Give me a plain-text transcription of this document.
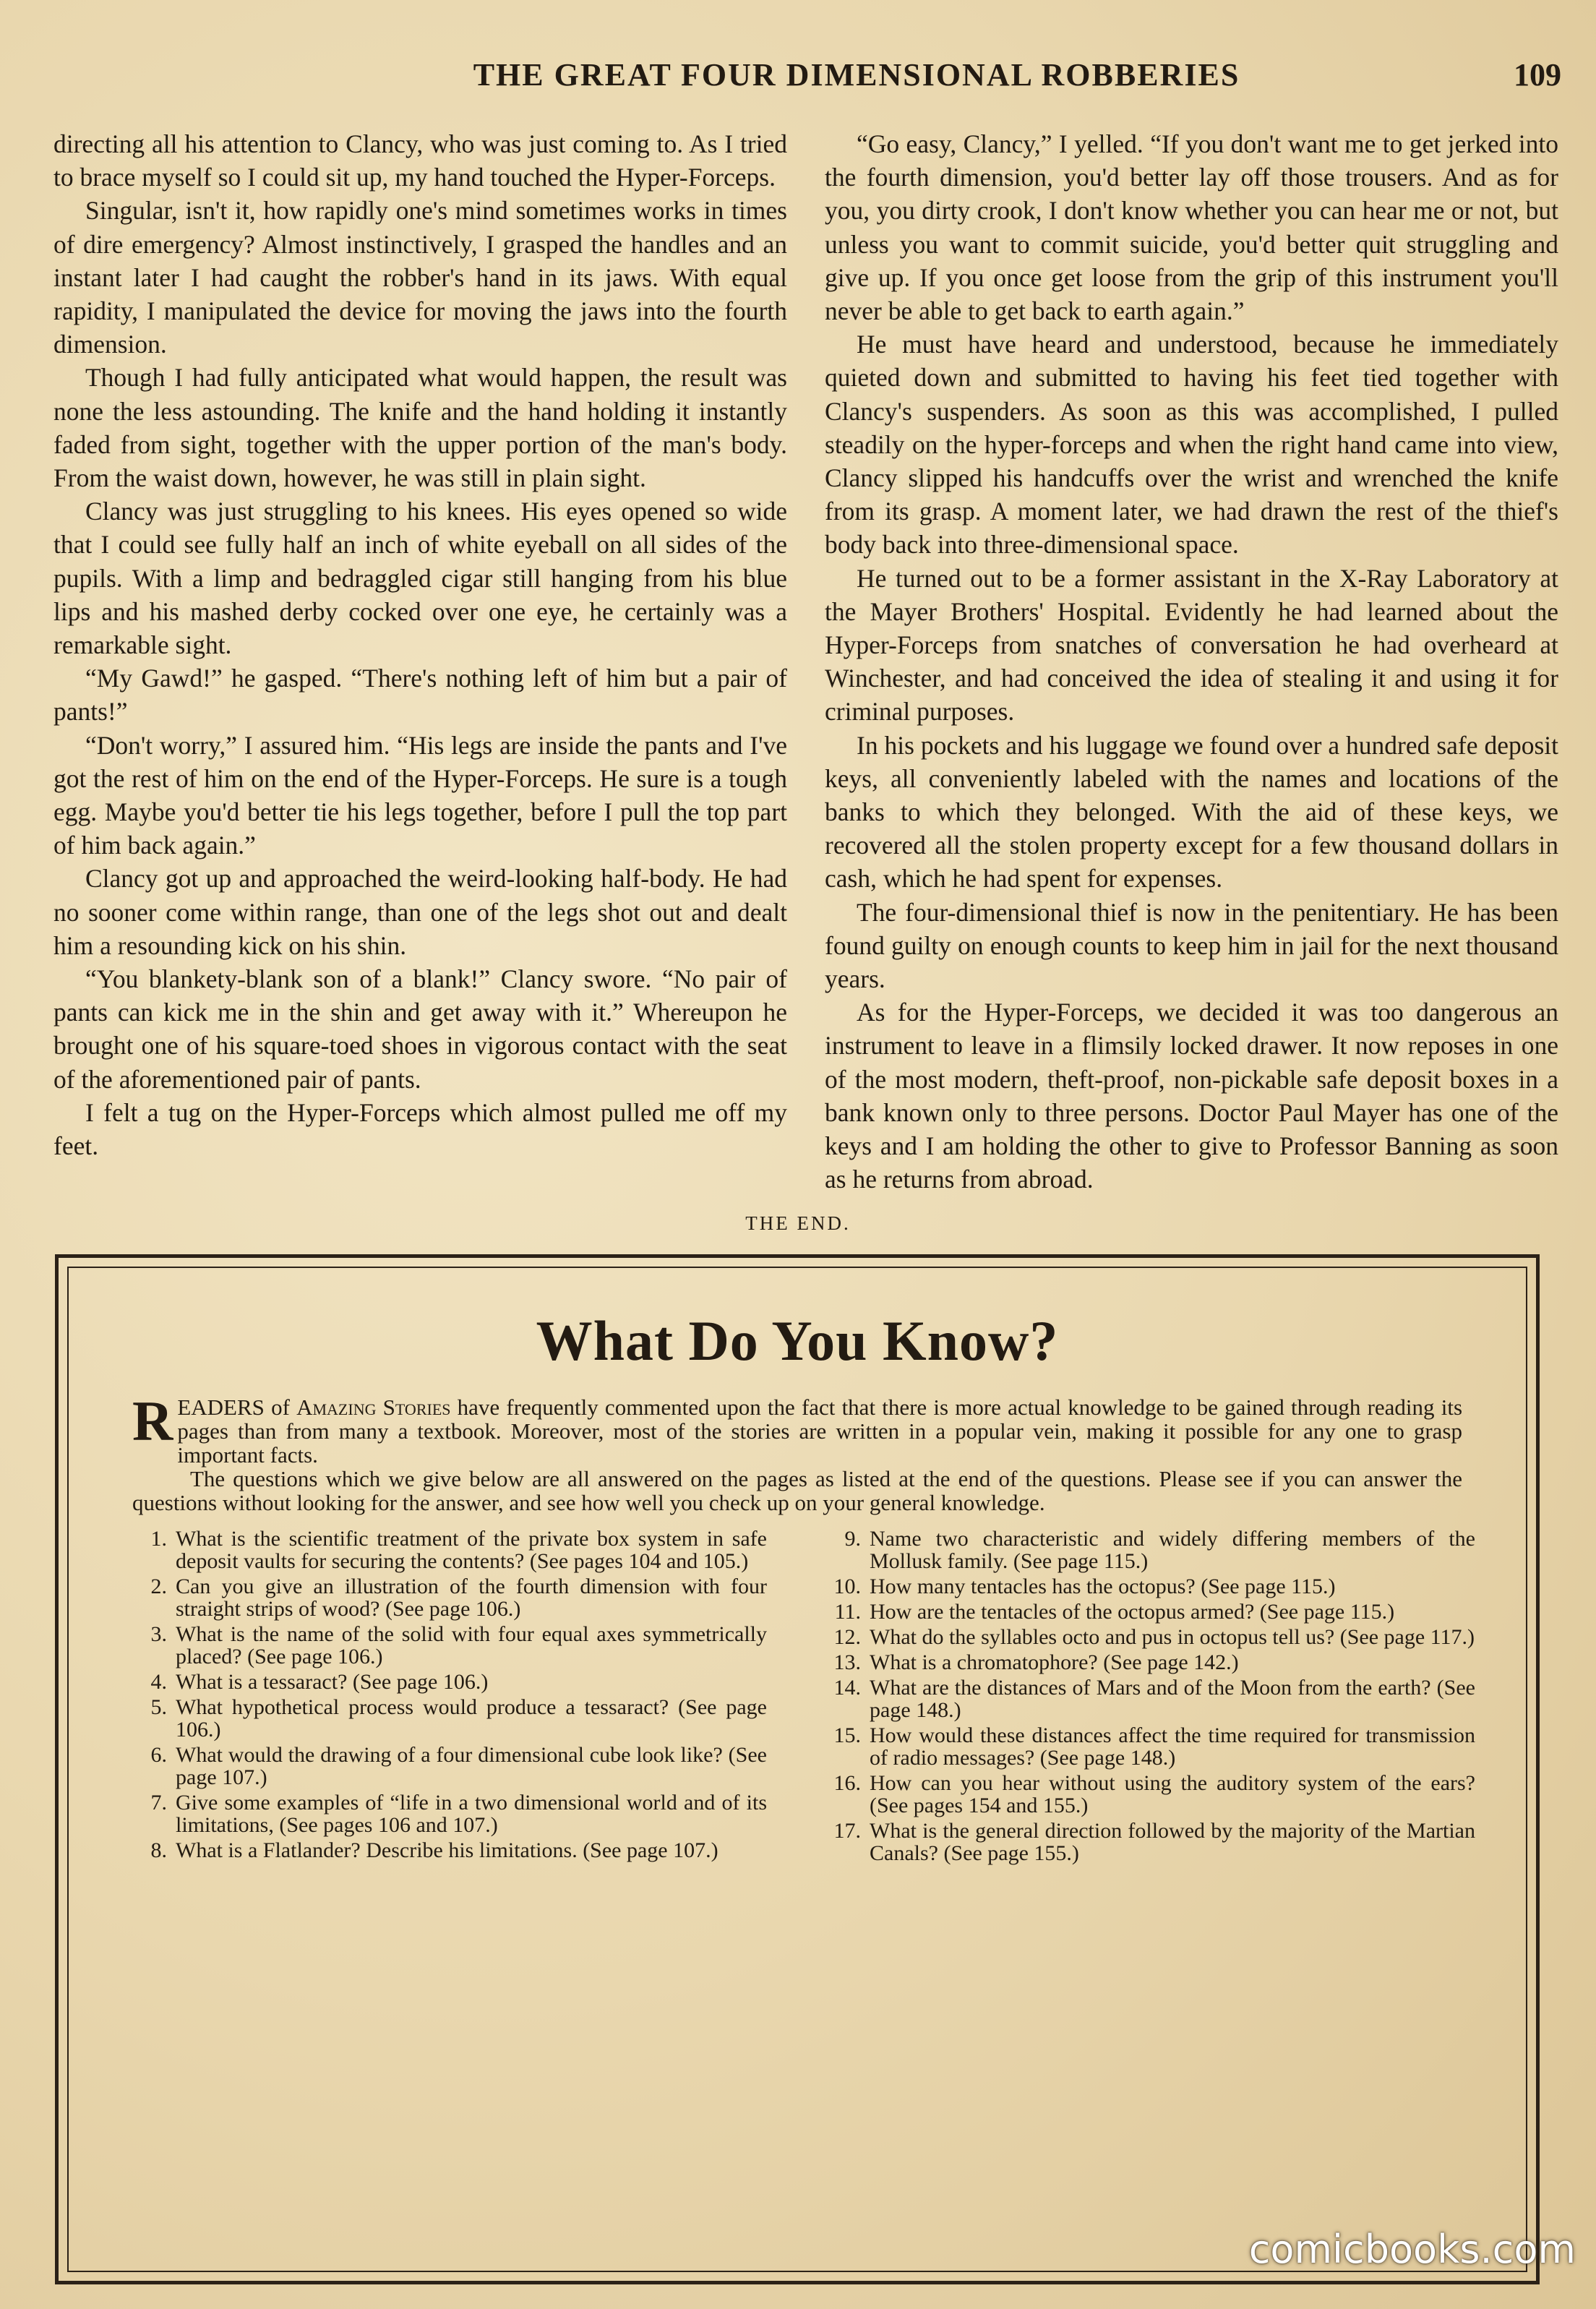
THE GREAT FOUR DIMENSIONAL ROBBERIES	109

directing all his attention to Clancy, who was just coming to. As I tried to brace myself so I could sit up, my hand touched the Hyper-Forceps.

Singular, isn't it, how rapidly one's mind sometimes works in times of dire emergency? Almost instinctively, I grasped the handles and an instant later I had caught the robber's hand in its jaws. With equal rapidity, I manipulated the device for moving the jaws into the fourth dimension.

Though I had fully anticipated what would happen, the result was none the less astounding. The knife and the hand holding it instantly faded from sight, together with the upper portion of the man's body. From the waist down, however, he was still in plain sight.

Clancy was just struggling to his knees. His eyes opened so wide that I could see fully half an inch of white eyeball on all sides of the pupils. With a limp and bedraggled cigar still hanging from his blue lips and his mashed derby cocked over one eye, he certainly was a remarkable sight.

“My Gawd!” he gasped. “There's nothing left of him but a pair of pants!”

“Don't worry,” I assured him. “His legs are inside the pants and I've got the rest of him on the end of the Hyper-Forceps. He sure is a tough egg. Maybe you'd better tie his legs together, before I pull the top part of him back again.”

Clancy got up and approached the weird-looking half-body. He had no sooner come within range, than one of the legs shot out and dealt him a resounding kick on his shin.

“You blankety-blank son of a blank!” Clancy swore. “No pair of pants can kick me in the shin and get away with it.” Whereupon he brought one of his square-toed shoes in vigorous contact with the seat of the aforementioned pair of pants.

I felt a tug on the Hyper-Forceps which almost pulled me off my feet.

“Go easy, Clancy,” I yelled. “If you don't want me to get jerked into the fourth dimension, you'd better lay off those trousers. And as for you, you dirty crook, I don't know whether you can hear me or not, but unless you want to commit suicide, you'd better quit struggling and give up. If you once get loose from the grip of this instrument you'll never be able to get back to earth again.”

He must have heard and understood, because he immediately quieted down and submitted to having his feet tied together with Clancy's suspenders. As soon as this was accomplished, I pulled steadily on the hyper-forceps and when the right hand came into view, Clancy slipped his handcuffs over the wrist and wrenched the knife from its grasp. A moment later, we had drawn the rest of the thief's body back into three-dimensional space.

He turned out to be a former assistant in the X-Ray Laboratory at the Mayer Brothers' Hospital. Evidently he had learned about the Hyper-Forceps from snatches of conversation he had overheard at Winchester, and had conceived the idea of stealing it and using it for criminal purposes.

In his pockets and his luggage we found over a hundred safe deposit keys, all conveniently labeled with the names and locations of the banks to which they belonged. With the aid of these keys, we recovered all the stolen property except for a few thousand dollars in cash, which he had spent for expenses.

The four-dimensional thief is now in the penitentiary. He has been found guilty on enough counts to keep him in jail for the next thousand years.

As for the Hyper-Forceps, we decided it was too dangerous an instrument to leave in a flimsily locked drawer. It now reposes in one of the most modern, theft-proof, non-pickable safe deposit boxes in a bank known only to three persons. Doctor Paul Mayer has one of the keys and I am holding the other to give to Professor Banning as soon as he returns from abroad.

THE END.
What Do You Know?

READERS of Amazing Stories have frequently commented upon the fact that there is more actual knowledge to be gained through reading its pages than from many a textbook. Moreover, most of the stories are written in a popular vein, making it possible for any one to grasp important facts.

The questions which we give below are all answered on the pages as listed at the end of the questions. Please see if you can answer the questions without looking for the answer, and see how well you check up on your general knowledge.

1. What is the scientific treatment of the private box system in safe deposit vaults for securing the contents? (See pages 104 and 105.)
2. Can you give an illustration of the fourth dimension with four straight strips of wood? (See page 106.)
3. What is the name of the solid with four equal axes symmetrically placed? (See page 106.)
4. What is a tessaract? (See page 106.)
5. What hypothetical process would produce a tessaract? (See page 106.)
6. What would the drawing of a four dimensional cube look like? (See page 107.)
7. Give some examples of “life in a two dimensional world and of its limitations, (See pages 106 and 107.)
8. What is a Flatlander? Describe his limitations. (See page 107.)
9. Name two characteristic and widely differing members of the Mollusk family. (See page 115.)
10. How many tentacles has the octopus? (See page 115.)
11. How are the tentacles of the octopus armed? (See page 115.)
12. What do the syllables octo and pus in octopus tell us? (See page 117.)
13. What is a chromatophore? (See page 142.)
14. What are the distances of Mars and of the Moon from the earth? (See page 148.)
15. How would these distances affect the time required for transmission of radio messages? (See page 148.)
16. How can you hear without using the auditory system of the ears? (See pages 154 and 155.)
17. What is the general direction followed by the majority of the Martian Canals? (See page 155.)
comicbooks.com
